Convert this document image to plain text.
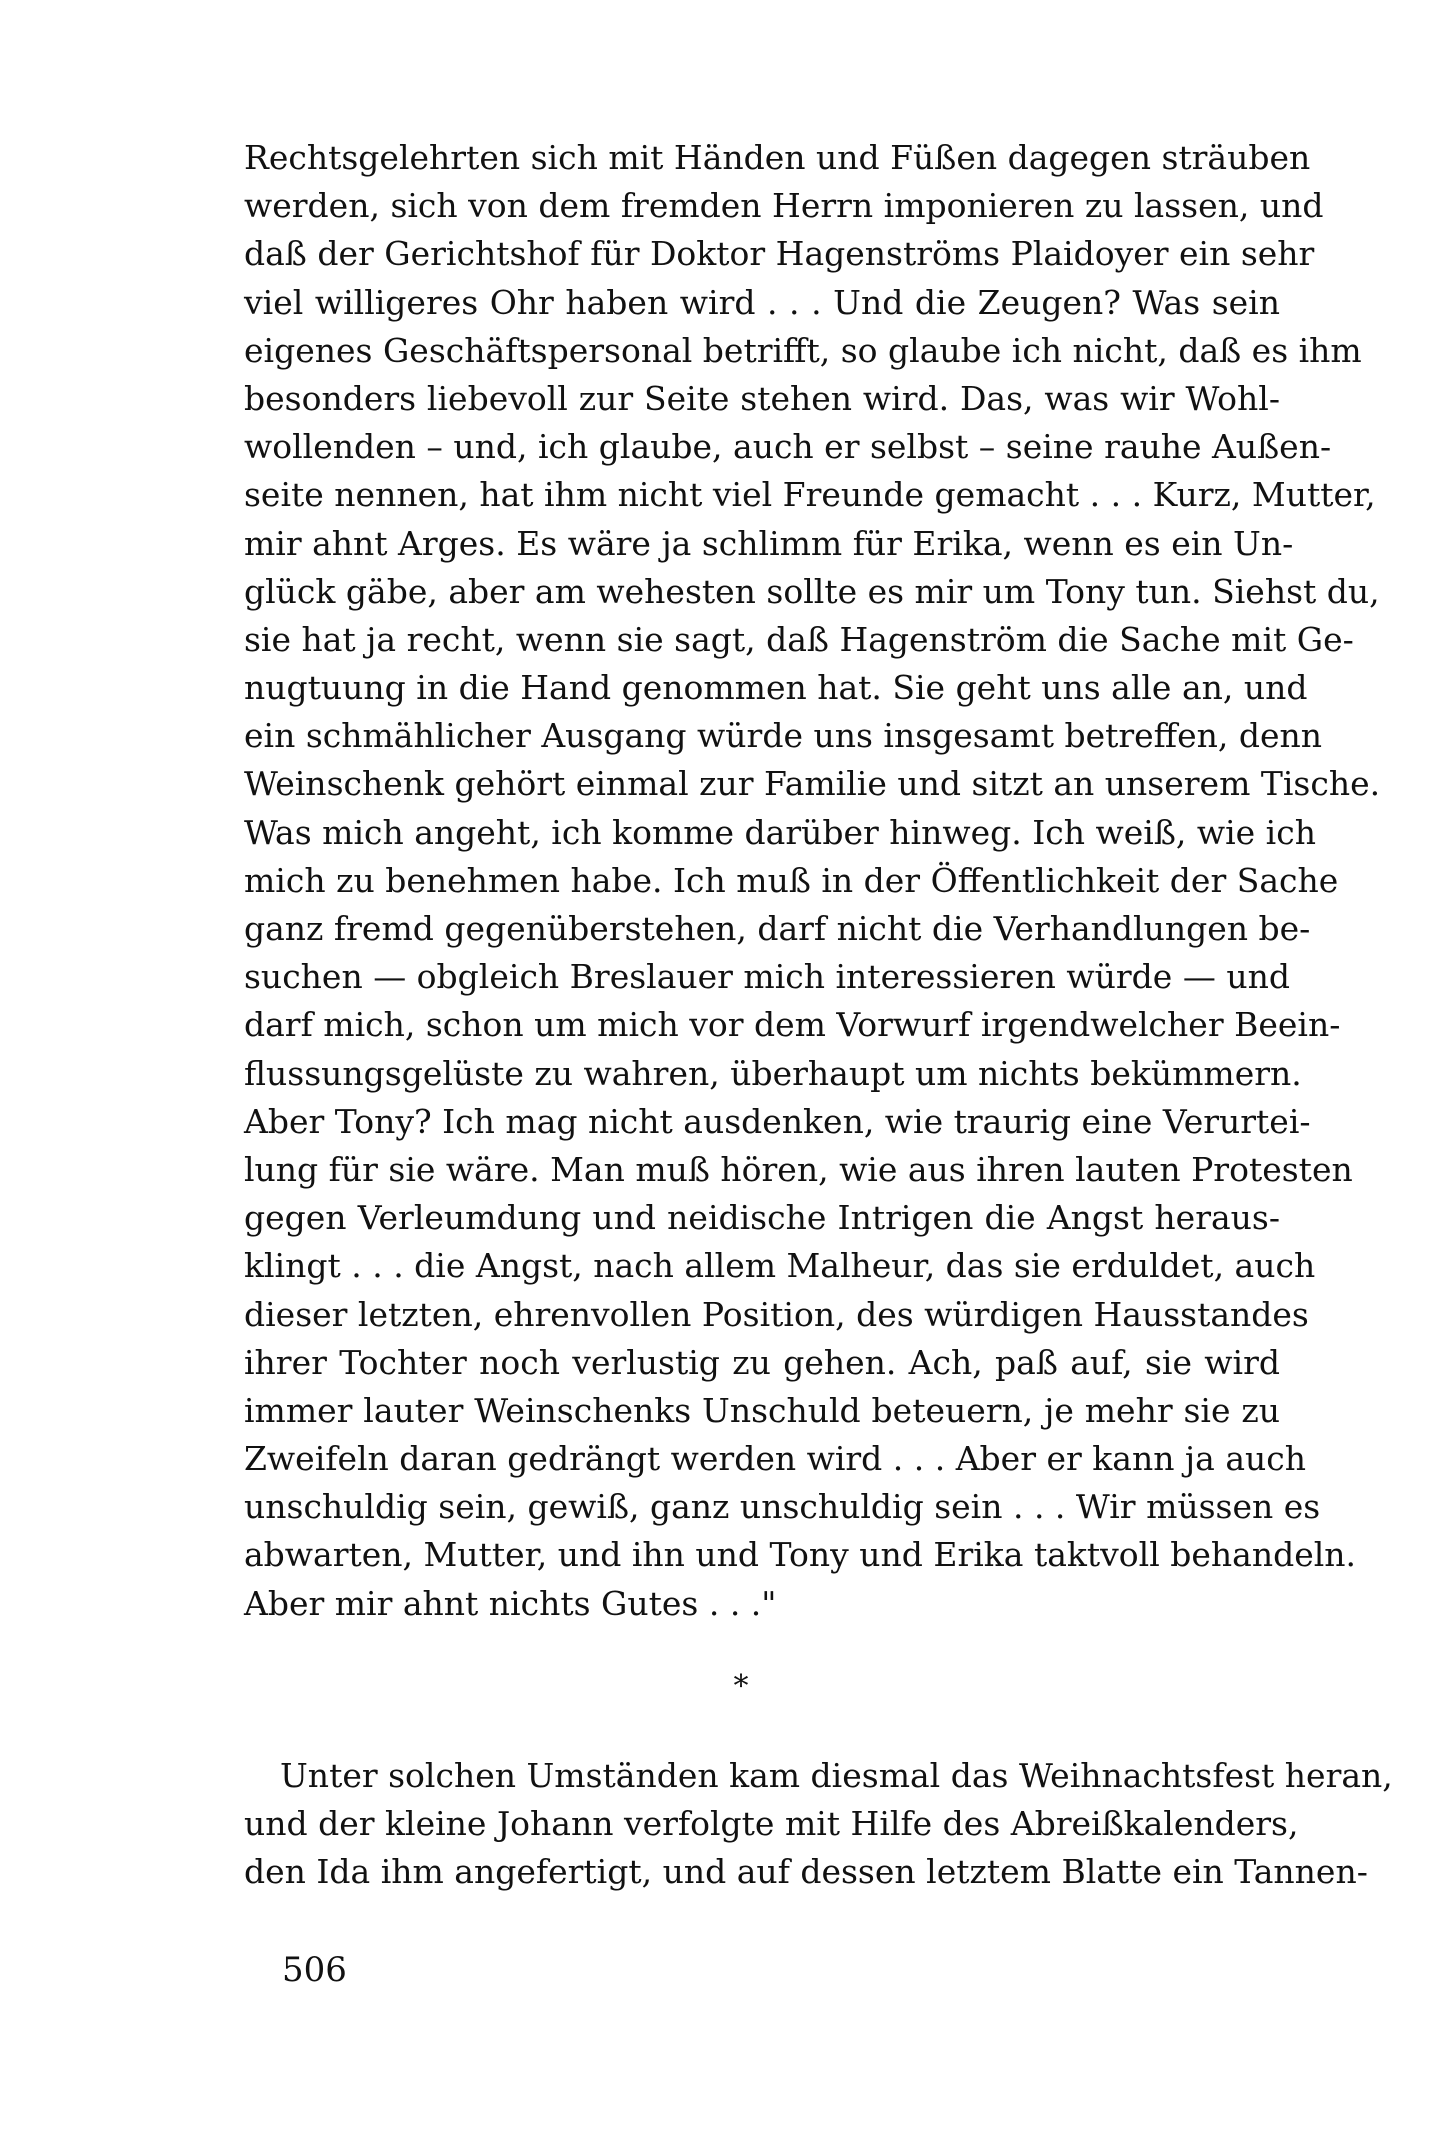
Rechtsgelehrten sich mit Händen und Füßen dagegen sträuben
werden, sich von dem fremden Herrn imponieren zu lassen, und
daß der Gerichtshof für Doktor Hagenströms Plaidoyer ein sehr
viel willigeres Ohr haben wird . . . Und die Zeugen? Was sein
eigenes Geschäftspersonal betrifft, so glaube ich nicht, daß es ihm
besonders liebevoll zur Seite stehen wird. Das, was wir Wohl-
wollenden – und, ich glaube, auch er selbst – seine rauhe Außen-
seite nennen, hat ihm nicht viel Freunde gemacht . . . Kurz, Mutter,
mir ahnt Arges. Es wäre ja schlimm für Erika, wenn es ein Un-
glück gäbe, aber am wehesten sollte es mir um Tony tun. Siehst du,
sie hat ja recht, wenn sie sagt, daß Hagenström die Sache mit Ge-
nugtuung in die Hand genommen hat. Sie geht uns alle an, und
ein schmählicher Ausgang würde uns insgesamt betreffen, denn
Weinschenk gehört einmal zur Familie und sitzt an unserem Tische.
Was mich angeht, ich komme darüber hinweg. Ich weiß, wie ich
mich zu benehmen habe. Ich muß in der Öffentlichkeit der Sache
ganz fremd gegenüberstehen, darf nicht die Verhandlungen be-
suchen — obgleich Breslauer mich interessieren würde — und
darf mich, schon um mich vor dem Vorwurf irgendwelcher Beein-
flussungsgelüste zu wahren, überhaupt um nichts bekümmern.
Aber Tony? Ich mag nicht ausdenken, wie traurig eine Verurtei-
lung für sie wäre. Man muß hören, wie aus ihren lauten Protesten
gegen Verleumdung und neidische Intrigen die Angst heraus-
klingt . . . die Angst, nach allem Malheur, das sie erduldet, auch
dieser letzten, ehrenvollen Position, des würdigen Hausstandes
ihrer Tochter noch verlustig zu gehen. Ach, paß auf, sie wird
immer lauter Weinschenks Unschuld beteuern, je mehr sie zu
Zweifeln daran gedrängt werden wird . . . Aber er kann ja auch
unschuldig sein, gewiß, ganz unschuldig sein . . . Wir müssen es
abwarten, Mutter, und ihn und Tony und Erika taktvoll behandeln.
Aber mir ahnt nichts Gutes . . ."
*
Unter solchen Umständen kam diesmal das Weihnachtsfest heran,
und der kleine Johann verfolgte mit Hilfe des Abreißkalenders,
den Ida ihm angefertigt, und auf dessen letztem Blatte ein Tannen-
506
